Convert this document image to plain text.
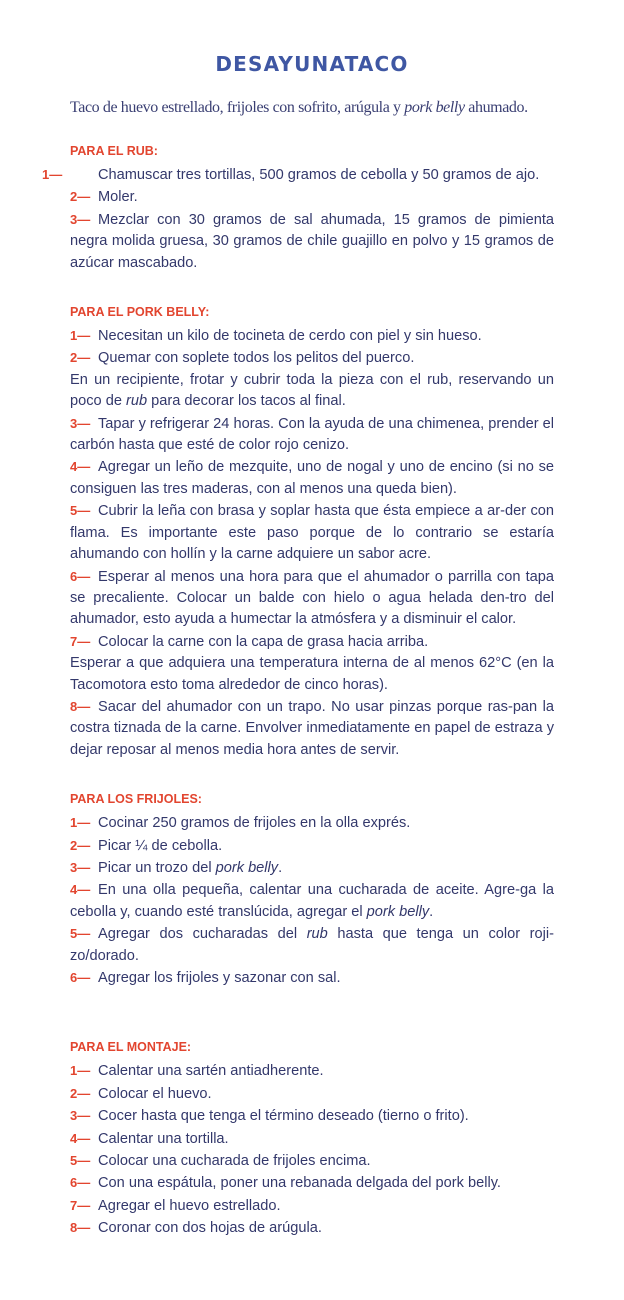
DESAYUNATACO

Taco de huevo estrellado, frijoles con sofrito, arúgula y pork belly ahumado.

PARA EL RUB:
1— Chamuscar tres tortillas, 500 gramos de cebolla y 50 gramos de ajo.
2— Moler.
3— Mezclar con 30 gramos de sal ahumada, 15 gramos de pimienta negra molida gruesa, 30 gramos de chile guajillo en polvo y 15 gramos de azúcar mascabado.
PARA EL PORK BELLY:
1— Necesitan un kilo de tocineta de cerdo con piel y sin hueso.
2— Quemar con soplete todos los pelitos del puerco.
En un recipiente, frotar y cubrir toda la pieza con el rub, reservando un poco de rub para decorar los tacos al final.
3— Tapar y refrigerar 24 horas. Con la ayuda de una chimenea, prender el carbón hasta que esté de color rojo cenizo.
4— Agregar un leño de mezquite, uno de nogal y uno de encino (si no se consiguen las tres maderas, con al menos una queda bien).
5— Cubrir la leña con brasa y soplar hasta que ésta empiece a ar-der con flama. Es importante este paso porque de lo contrario se estaría ahumando con hollín y la carne adquiere un sabor acre.
6— Esperar al menos una hora para que el ahumador o parrilla con tapa se precaliente. Colocar un balde con hielo o agua helada den-tro del ahumador, esto ayuda a humectar la atmósfera y a disminuir el calor.
7— Colocar la carne con la capa de grasa hacia arriba.
Esperar a que adquiera una temperatura interna de al menos 62°C (en la Tacomotora esto toma alrededor de cinco horas).
8— Sacar del ahumador con un trapo. No usar pinzas porque ras-pan la costra tiznada de la carne. Envolver inmediatamente en papel de estraza y dejar reposar al menos media hora antes de servir.
PARA LOS FRIJOLES:
1— Cocinar 250 gramos de frijoles en la olla exprés.
2— Picar ¼ de cebolla.
3— Picar un trozo del pork belly.
4— En una olla pequeña, calentar una cucharada de aceite. Agre-ga la cebolla y, cuando esté translúcida, agregar el pork belly.
5— Agregar dos cucharadas del rub hasta que tenga un color roji-zo/dorado.
6— Agregar los frijoles y sazonar con sal.
PARA EL MONTAJE:
1— Calentar una sartén antiadherente.
2— Colocar el huevo.
3— Cocer hasta que tenga el término deseado (tierno o frito).
4— Calentar una tortilla.
5— Colocar una cucharada de frijoles encima.
6— Con una espátula, poner una rebanada delgada del pork belly.
7— Agregar el huevo estrellado.
8— Coronar con dos hojas de arúgula.
